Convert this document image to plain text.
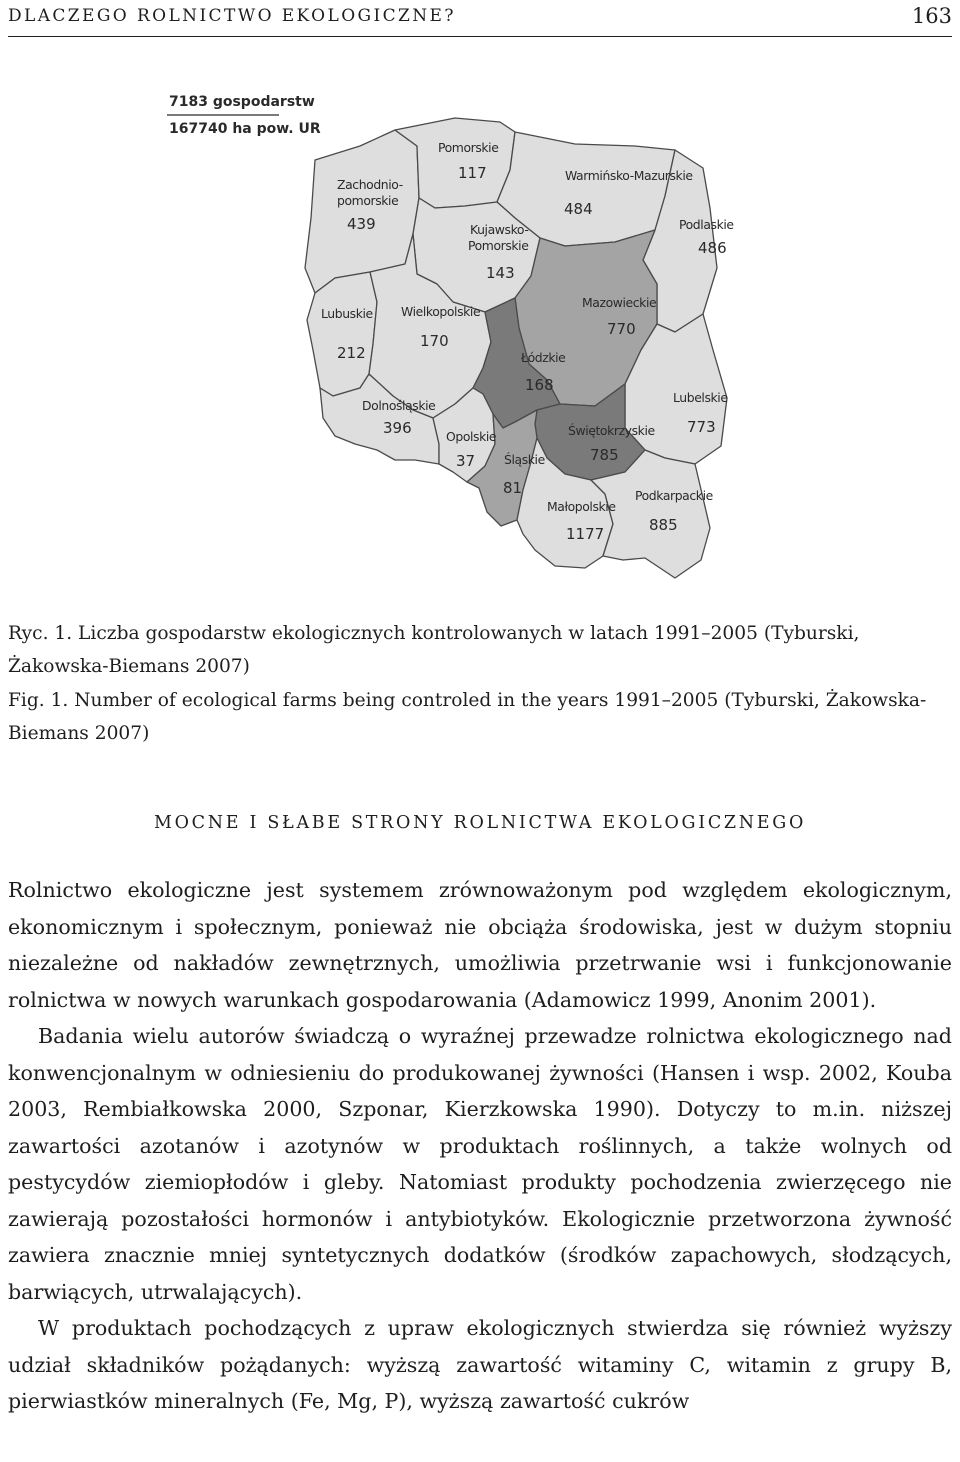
DLACZEGO ROLNICTWO EKOLOGICZNE?	163
7183 gospodarstw
167740 ha pow. UR
Pomorskie
117	Warmińsko-Mazurskie
484
Zachodnio-
pomorskie
439	Kujawsko-
Pomorskie
143
Podlaskie
486
Lubuskie
212
Wielkopolskie
170
Mazowieckie
770
Łódzkie
168
Dolnośląskie
396
Lubelskie
773
Świętokrzyskie
785
Opolskie
37 Śląskie
81
Małopolskie
1177
Podkarpackie
885
Ryc. 1. Liczba gospodarstw ekologicznych kontrolowanych w latach 1991–2005 (Tyburski, Żakowska-Biemans 2007)
Fig. 1. Number of ecological farms being controled in the years 1991–2005 (Tyburski, Żakowska-Biemans 2007)
MOCNE I SŁABE STRONY ROLNICTWA EKOLOGICZNEGO

Rolnictwo ekologiczne jest systemem zrównoważonym pod względem ekologicznym, ekonomicznym i społecznym, ponieważ nie obciąża środowiska, jest w dużym stopniu niezależne od nakładów zewnętrznych, umożliwia przetrwanie wsi i funkcjonowanie rolnictwa w nowych warunkach gospodarowania (Adamowicz 1999, Anonim 2001).

Badania wielu autorów świadczą o wyraźnej przewadze rolnictwa ekologicznego nad konwencjonalnym w odniesieniu do produkowanej żywności (Hansen i wsp. 2002, Kouba 2003, Rembiałkowska 2000, Szponar, Kierzkowska 1990). Dotyczy to m.in. niższej zawartości azotanów i azotynów w produktach roślinnych, a także wolnych od pestycydów ziemiopłodów i gleby. Natomiast produkty pochodzenia zwierzęcego nie zawierają pozostałości hormonów i antybiotyków. Ekologicznie przetworzona żywność zawiera znacznie mniej syntetycznych dodatków (środków zapachowych, słodzących, barwiących, utrwalających).

W produktach pochodzących z upraw ekologicznych stwierdza się również wyższy udział składników pożądanych: wyższą zawartość witaminy C, witamin z grupy B, pierwiastków mineralnych (Fe, Mg, P), wyższą zawartość cukrów
